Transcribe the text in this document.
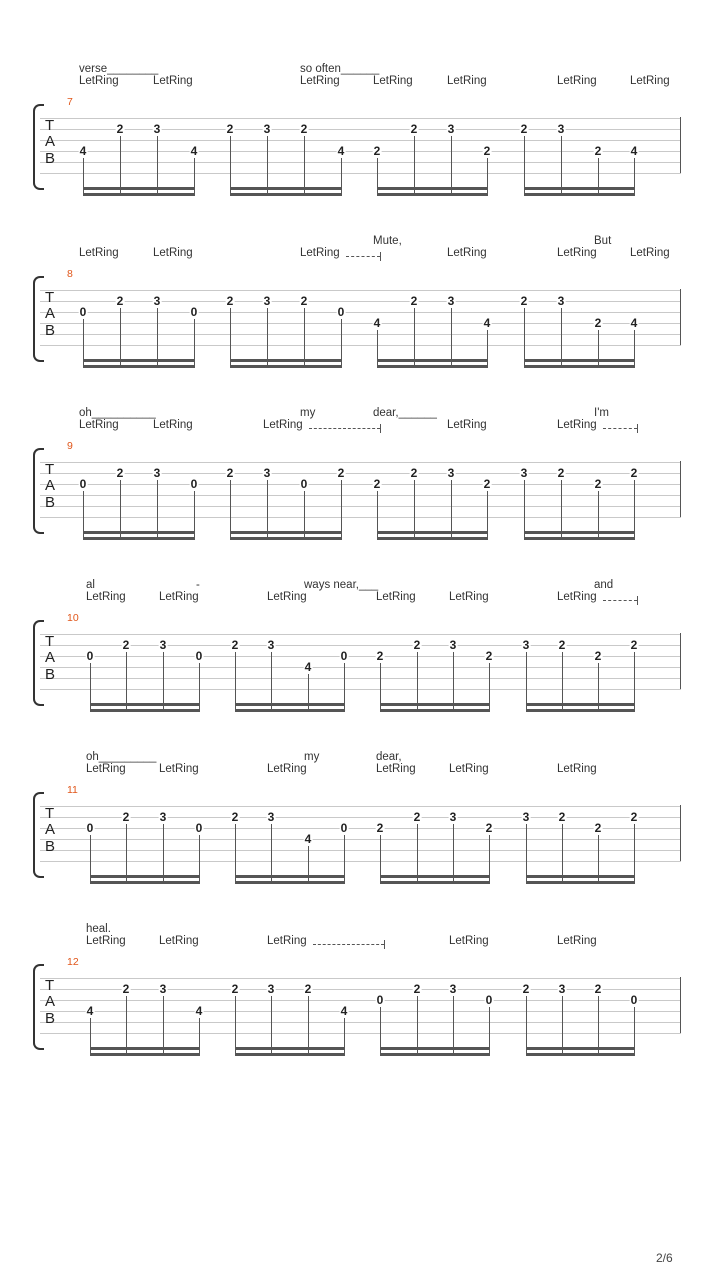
verse________	so often______
LetRing	LetRing	LetRing	LetRing	LetRing	LetRing	LetRing
7
T
A
B 4
2	3
4
2	3	2
4 2
2	3
2
2	3
2 4
Mute,	But
LetRing	LetRing	LetRing	LetRing	LetRing	LetRing
8
T
A
B
0
2	3
0
2	3	2
0
4
2	3
4
2	3
2 4
oh__________	my	dear,______	I'm
LetRing	LetRing	LetRing	LetRing	LetRing
9
T
A
B
0
2	3
0
2	3
0
2
2
2	3
2
3	2
2
2
al	-	ways near,___	and
LetRing	LetRing	LetRing	LetRing	LetRing	LetRing
10
T
A
B
0
2	3
0
2 3
4
0 2
2 3
2
3 2
2
2
oh_________	my	dear,
LetRing	LetRing	LetRing	LetRing	LetRing	LetRing
11
T
A
B
0
2	3
0
2 3
4
0 2
2 3
2
3 2
2
2
heal.
LetRing	LetRing	LetRing	LetRing	LetRing
12
T
A
B	4
2	3
4
2 3	2
4
0
2 3
0
2 3 2
0
2/6
